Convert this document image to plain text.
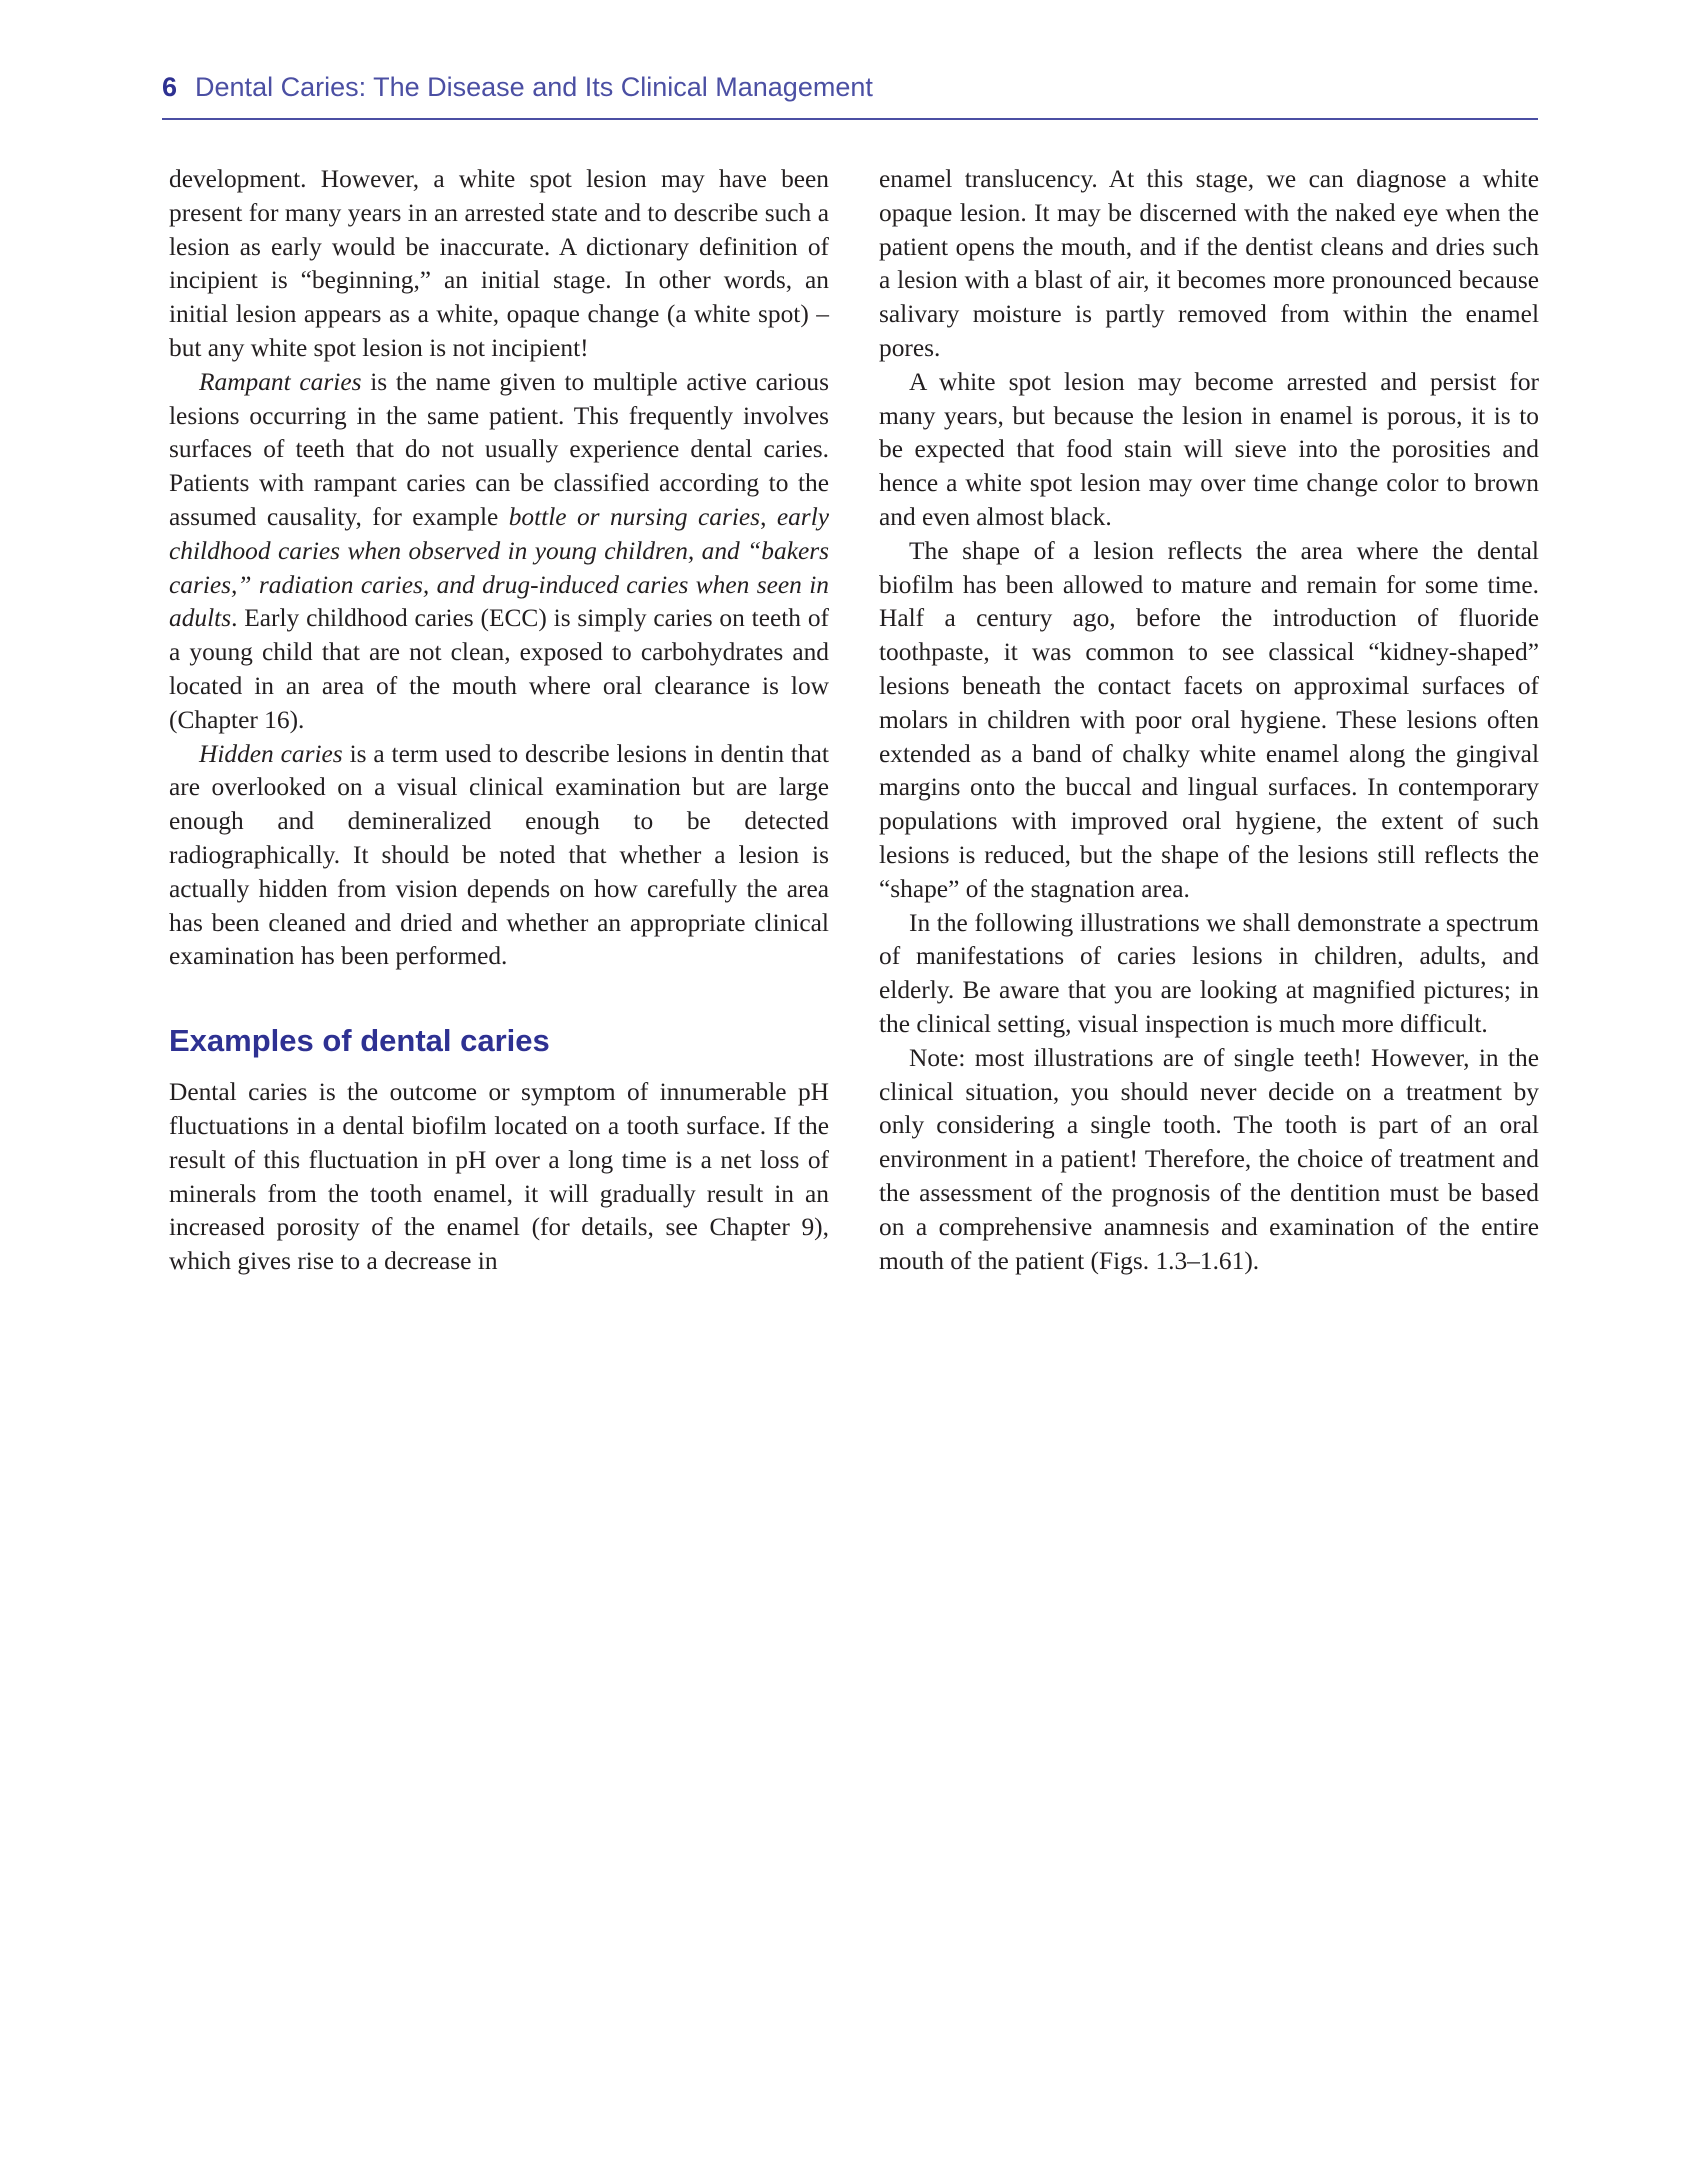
6 Dental Caries: The Disease and Its Clinical Management

development. However, a white spot lesion may have been present for many years in an arrested state and to describe such a lesion as early would be inaccurate. A dictionary definition of incipient is “beginning,” an initial stage. In other words, an initial lesion appears as a white, opaque change (a white spot) – but any white spot lesion is not incipient!

Rampant caries is the name given to multiple active carious lesions occurring in the same patient. This frequently involves surfaces of teeth that do not usually experience dental caries. Patients with rampant caries can be classified according to the assumed causality, for example bottle or nursing caries, early childhood caries when observed in young children, and “bakers caries,” radiation caries, and drug-induced caries when seen in adults. Early childhood caries (ECC) is simply caries on teeth of a young child that are not clean, exposed to carbohydrates and located in an area of the mouth where oral clearance is low (Chapter 16).

Hidden caries is a term used to describe lesions in dentin that are overlooked on a visual clinical examination but are large enough and demineralized enough to be detected radiographically. It should be noted that whether a lesion is actually hidden from vision depends on how carefully the area has been cleaned and dried and whether an appropriate clinical examination has been performed.

Examples of dental caries

Dental caries is the outcome or symptom of innumerable pH fluctuations in a dental biofilm located on a tooth surface. If the result of this fluctuation in pH over a long time is a net loss of minerals from the tooth enamel, it will gradually result in an increased porosity of the enamel (for details, see Chapter 9), which gives rise to a decrease in

enamel translucency. At this stage, we can diagnose a white opaque lesion. It may be discerned with the naked eye when the patient opens the mouth, and if the dentist cleans and dries such a lesion with a blast of air, it becomes more pronounced because salivary moisture is partly removed from within the enamel pores.

A white spot lesion may become arrested and persist for many years, but because the lesion in enamel is porous, it is to be expected that food stain will sieve into the porosities and hence a white spot lesion may over time change color to brown and even almost black.

The shape of a lesion reflects the area where the dental biofilm has been allowed to mature and remain for some time. Half a century ago, before the introduction of fluoride toothpaste, it was common to see classical “kidney-shaped” lesions beneath the contact facets on approximal surfaces of molars in children with poor oral hygiene. These lesions often extended as a band of chalky white enamel along the gingival margins onto the buccal and lingual surfaces. In contemporary populations with improved oral hygiene, the extent of such lesions is reduced, but the shape of the lesions still reflects the “shape” of the stagnation area.

In the following illustrations we shall demonstrate a spectrum of manifestations of caries lesions in children, adults, and elderly. Be aware that you are looking at magnified pictures; in the clinical setting, visual inspection is much more difficult.

Note: most illustrations are of single teeth! However, in the clinical situation, you should never decide on a treatment by only considering a single tooth. The tooth is part of an oral environment in a patient! Therefore, the choice of treatment and the assessment of the prognosis of the dentition must be based on a comprehensive anamnesis and examination of the entire mouth of the patient (Figs. 1.3–1.61).
